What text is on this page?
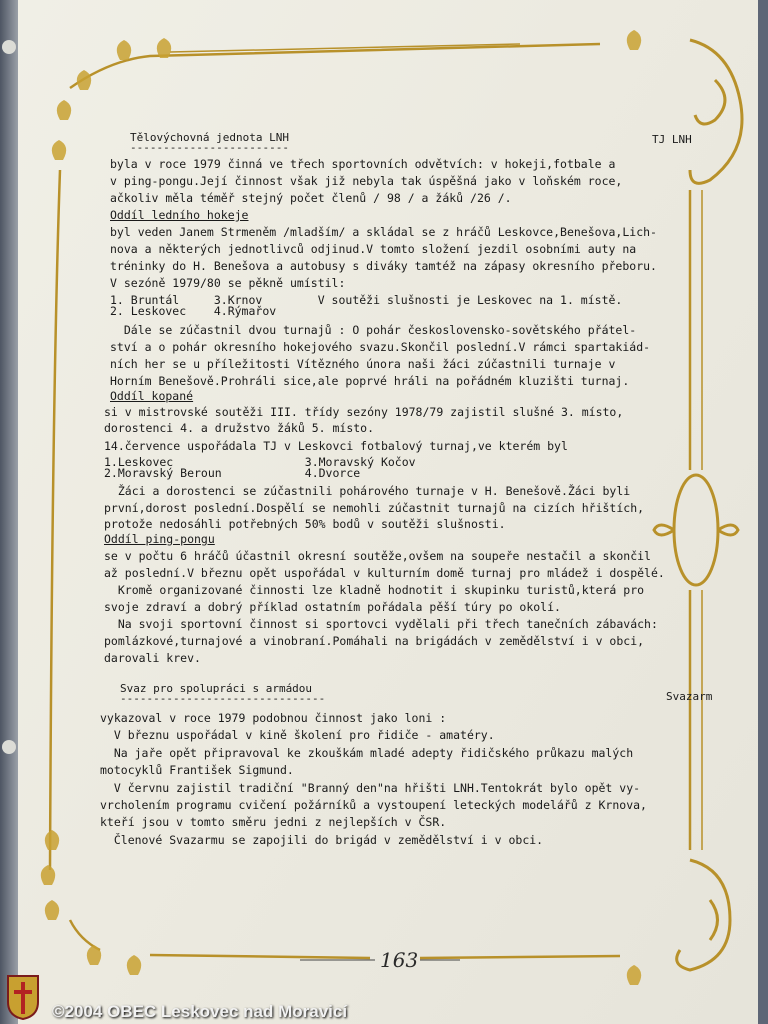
Tělovýchovná jednota LNH
------------------------
TJ LNH
byla v roce 1979 činná ve třech sportovních odvětvích: v hokeji,fotbale a
v ping-pongu.Její činnost však již nebyla tak úspěšná jako v loňském roce,
ačkoliv měla téměř stejný počet členů / 98 / a žáků /26 /.
Oddíl ledního hokeje
byl veden Janem Strmeněm /mladším/ a skládal se z hráčů Leskovce,Benešova,Lich-
nova a některých jednotlivců odjinud.V tomto složení jezdil osobními auty na
tréninky do H. Benešova a autobusy s diváky tamtéž na zápasy okresního přeboru.
V sezóně 1979/80 se pěkně umístil:
1. Bruntál     3.Krnov        V soutěži slušnosti je Leskovec na 1. místě.
2. Leskovec    4.Rýmařov
Dále se zúčastnil dvou turnajů : O pohár československo-sovětského přátel-
ství a o pohár okresního hokejového svazu.Skončil poslední.V rámci spartakiád-
ních her se u příležitosti Vítězného února naši žáci zúčastnili turnaje v
Horním Benešově.Prohráli sice,ale poprvé hráli na pořádném kluzišti turnaj.
Oddíl kopané
si v mistrovské soutěži III. třídy sezóny 1978/79 zajistil slušné 3. místo,
dorostenci 4. a družstvo žáků 5. místo.
14.července uspořádala TJ v Leskovci fotbalový turnaj,ve kterém byl
1.Leskovec                   3.Moravský Kočov
2.Moravský Beroun            4.Dvorce
Žáci a dorostenci se zúčastnili pohárového turnaje v H. Benešově.Žáci byli
první,dorost poslední.Dospělí se nemohli zúčastnit turnajů na cizích hřištích,
protože nedosáhli potřebných 50% bodů v soutěži slušnosti.
Oddíl ping-pongu
se v počtu 6 hráčů účastnil okresní soutěže,ovšem na soupeře nestačil a skončil
až poslední.V březnu opět uspořádal v kulturním domě turnaj pro mládež i dospělé.
Kromě organizované činnosti lze kladně hodnotit i skupinku turistů,která pro
svoje zdraví a dobrý příklad ostatním pořádala pěší túry po okolí.
Na svoji sportovní činnost si sportovci vydělali při třech tanečních zábavách:
pomlázkové,turnajové a vinobraní.Pomáhali na brigádách v zemědělství i v obci,
darovali krev.
Svaz pro spolupráci s armádou
-------------------------------	Svazarm
vykazoval v roce 1979 podobnou činnost jako loni :
V březnu uspořádal v kině školení pro řidiče - amatéry.
Na jaře opět připravoval ke zkouškám mladé adepty řidičského průkazu malých
motocyklů František Sigmund.
V červnu zajistil tradiční "Branný den"na hřišti LNH.Tentokrát bylo opět vy-
vrcholením programu cvičení požárníků a vystoupení leteckých modelářů z Krnova,
kteří jsou v tomto směru jedni z nejlepších v ČSR.
Členové Svazarmu se zapojili do brigád v zemědělství i v obci.
163
©2004 OBEC Leskovec nad Moravicí
